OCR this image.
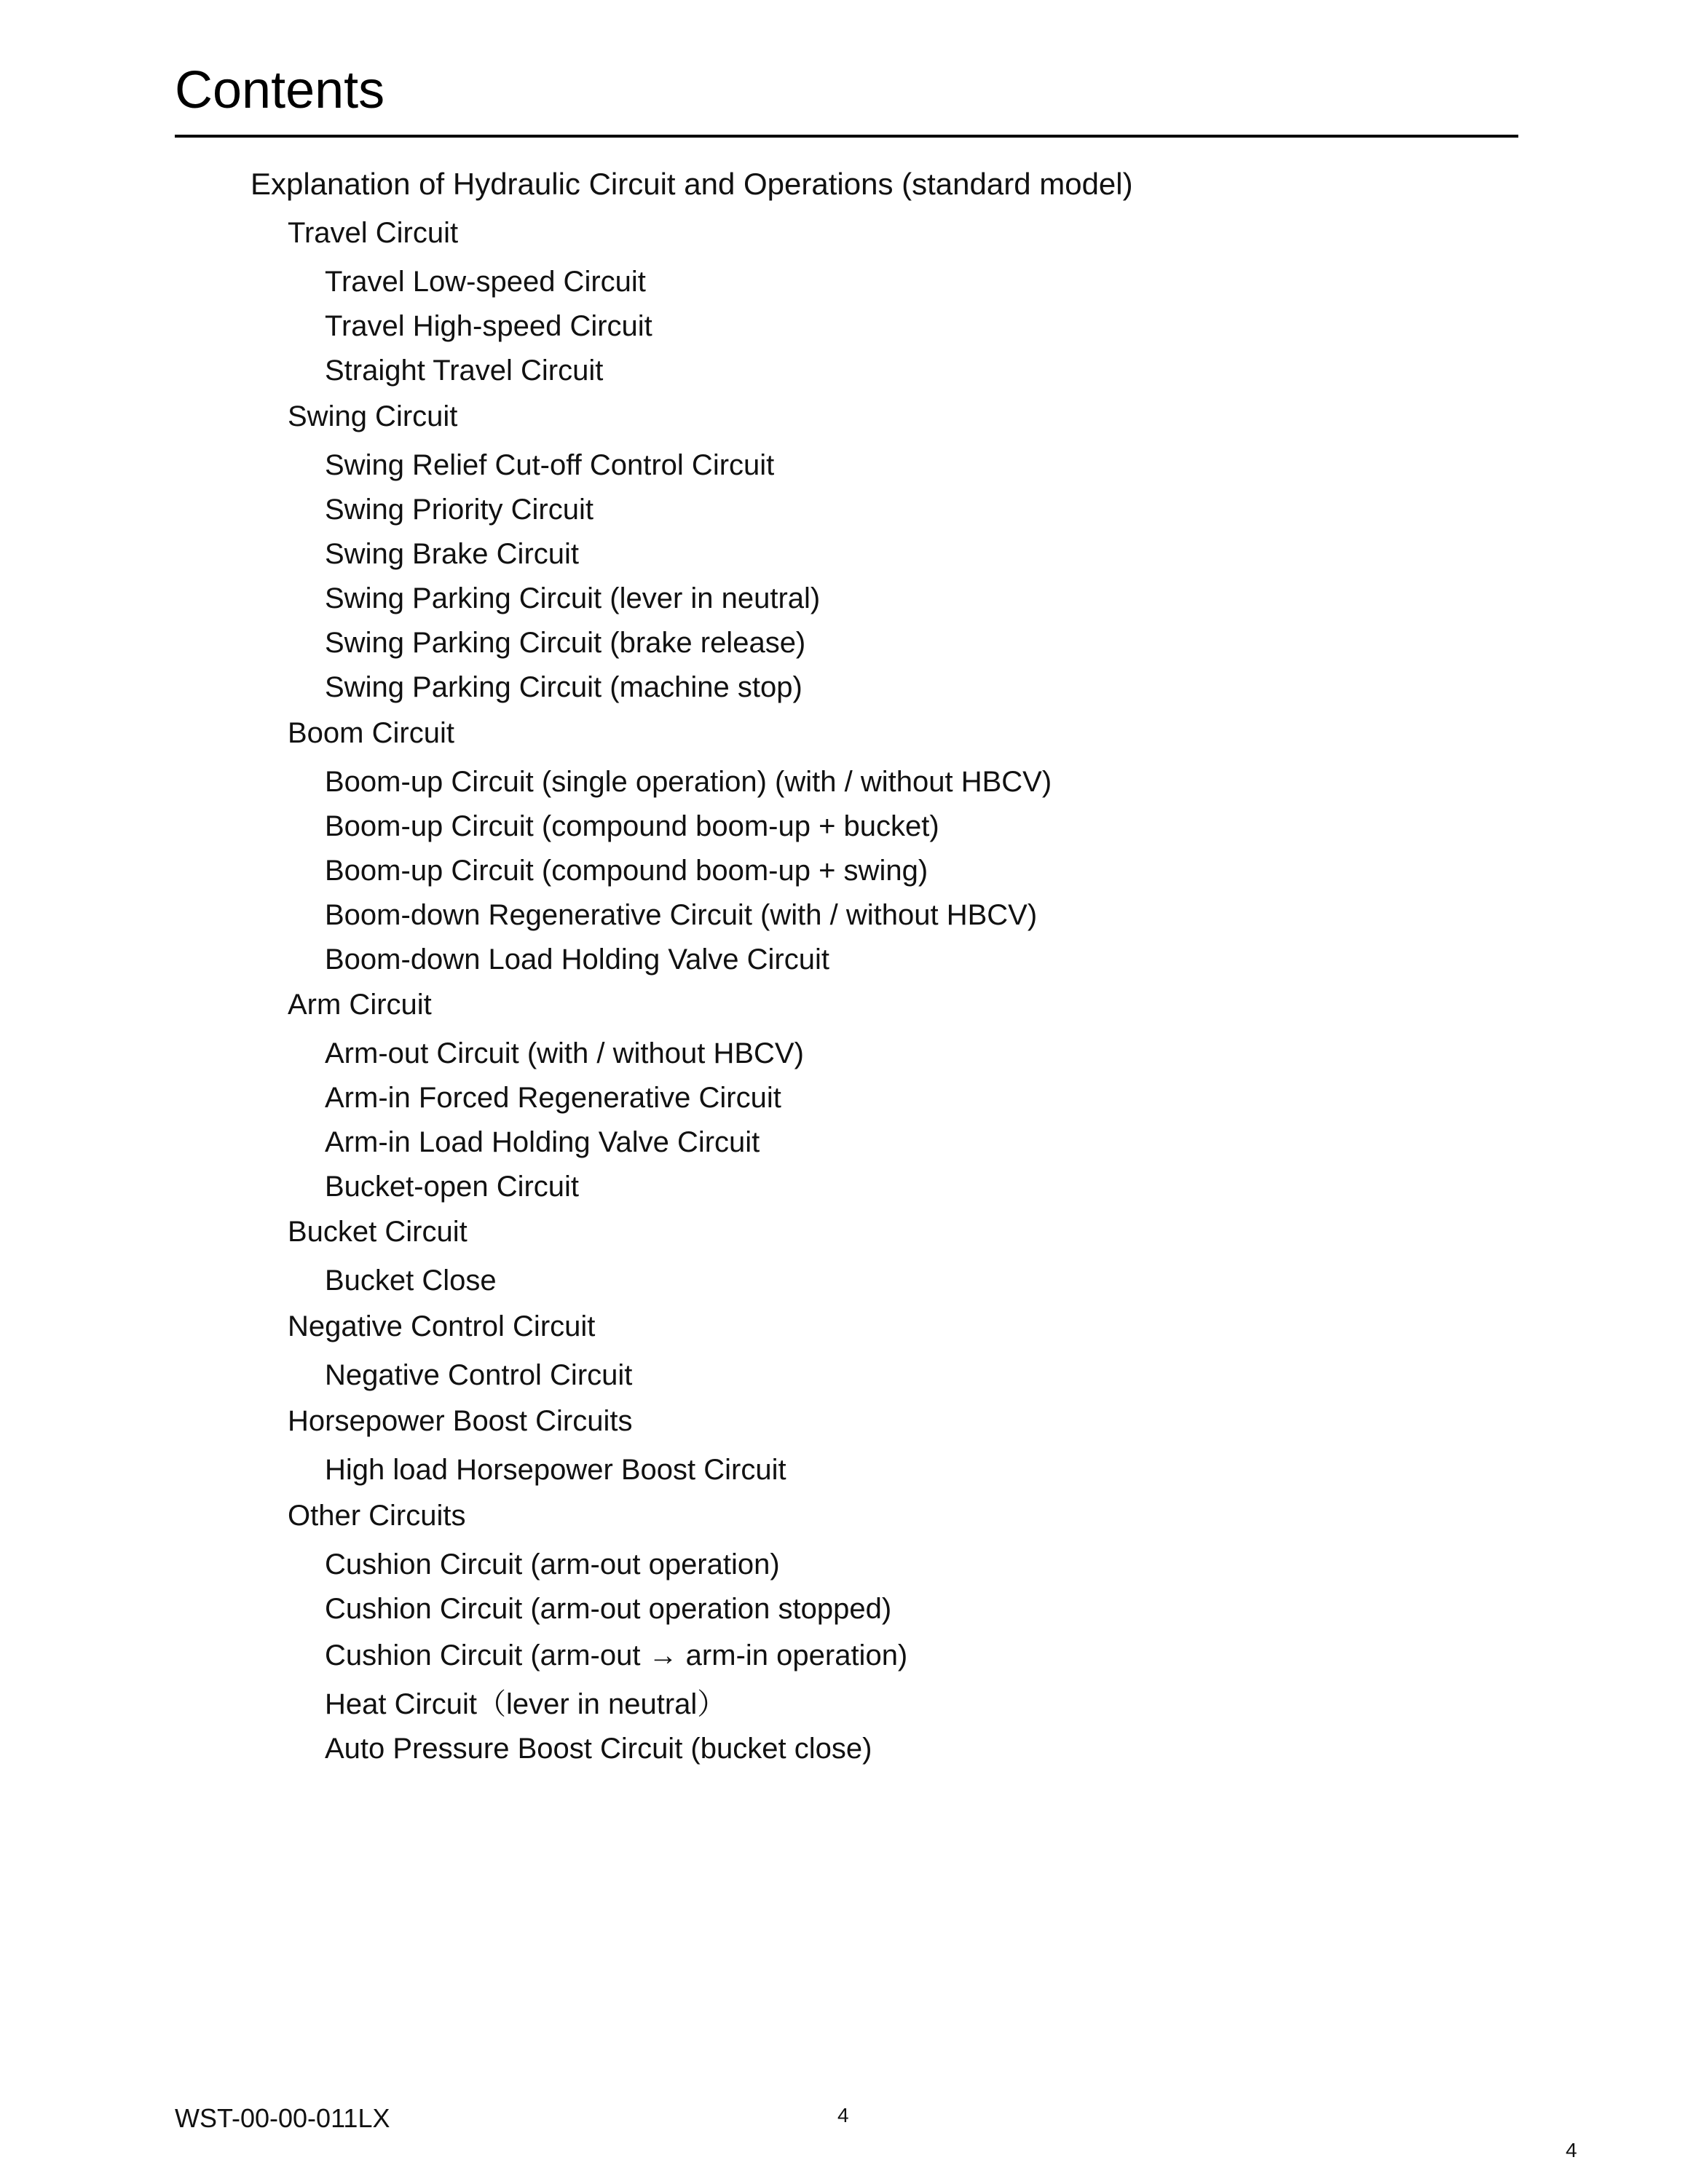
Contents
Explanation of Hydraulic Circuit and Operations (standard model)
Travel Circuit
Travel Low-speed Circuit
Travel High-speed Circuit
Straight Travel Circuit
Swing Circuit
Swing Relief Cut-off Control Circuit
Swing Priority Circuit
Swing Brake Circuit
Swing Parking Circuit (lever in neutral)
Swing Parking Circuit (brake release)
Swing Parking Circuit (machine stop)
Boom Circuit
Boom-up Circuit (single operation) (with / without HBCV)
Boom-up Circuit (compound boom-up + bucket)
Boom-up Circuit (compound boom-up + swing)
Boom-down Regenerative Circuit (with / without HBCV)
Boom-down Load Holding Valve Circuit
Arm Circuit
Arm-out Circuit (with / without HBCV)
Arm-in Forced Regenerative Circuit
Arm-in Load Holding Valve Circuit
Bucket-open Circuit
Bucket Circuit
Bucket Close
Negative Control Circuit
Negative Control Circuit
Horsepower Boost Circuits
High load Horsepower Boost Circuit
Other Circuits
Cushion Circuit (arm-out operation)
Cushion Circuit (arm-out operation stopped)
Cushion Circuit (arm-out → arm-in operation)
Heat Circuit（lever in neutral）
Auto Pressure Boost Circuit (bucket close)
WST-00-00-011LX	4
4
